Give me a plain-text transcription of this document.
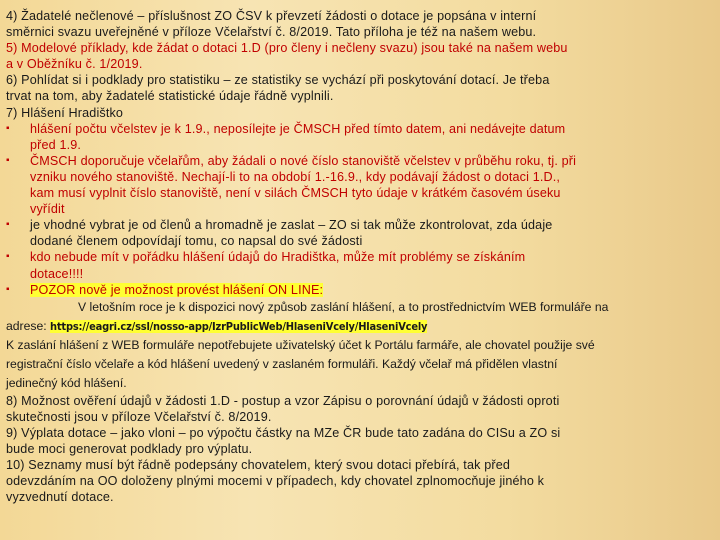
4) Žadatelé nečlenové – příslušnost ZO ČSV k převzetí žádosti o dotace je popsána v interní
směrnici svazu uveřejněné v příloze Včelařství č. 8/2019. Tato příloha je též na našem webu.
5) Modelové příklady, kde žádat o dotaci 1.D (pro členy i nečleny svazu) jsou také na našem webu
a v Oběžníku č. 1/2019.
6) Pohlídat si i podklady pro statistiku – ze statistiky se vychází při poskytování dotací. Je třeba
trvat na tom, aby žadatelé statistické údaje řádně vyplnili.
7) Hlášení Hradištko
▪ hlášení počtu včelstev je k 1.9., neposílejte je ČMSCH před tímto datem, ani nedávejte datum
před 1.9.
▪ ČMSCH doporučuje včelařům, aby žádali o nové číslo stanoviště včelstev v průběhu roku, tj. při
vzniku nového stanoviště. Nechají-li to na období 1.-16.9., kdy podávají žádost o dotaci 1.D.,
kam musí vyplnit číslo stanoviště, není v silách ČMSCH tyto údaje v krátkém časovém úseku
vyřídit
▪ je vhodné vybrat je od členů a hromadně je zaslat – ZO si tak může zkontrolovat, zda údaje
dodané členem odpovídají tomu, co napsal do své žádosti
▪ kdo nebude mít v pořádku hlášení údajů do Hradištka, může mít problémy se získáním
dotace!!!!
▪ POZOR nově je možnost provést hlášení ON LINE:
V letošním roce je k dispozici nový způsob zaslání hlášení, a to prostřednictvím WEB formuláře na
adrese: https://eagri.cz/ssl/nosso-app/IzrPublicWeb/HlaseniVcely/HlaseniVcely
K zaslání hlášení z WEB formuláře nepotřebujete uživatelský účet k Portálu farmáře, ale chovatel použije své
registrační číslo včelaře a kód hlášení uvedený v zaslaném formuláři. Každý včelař má přidělen vlastní
jedinečný kód hlášení.
8) Možnost ověření údajů v žádosti 1.D - postup a vzor Zápisu o porovnání údajů v žádosti oproti
skutečnosti jsou v příloze Včelařství č. 8/2019.
9) Výplata dotace – jako vloni – po výpočtu částky na MZe ČR bude tato zadána do CISu a ZO si
bude moci generovat podklady pro výplatu.
10) Seznamy musí být řádně podepsány chovatelem, který svou dotaci přebírá, tak před
odevzdáním na OO doloženy plnými mocemi v případech, kdy chovatel zplnomocňuje jiného k
vyzvednutí dotace.
